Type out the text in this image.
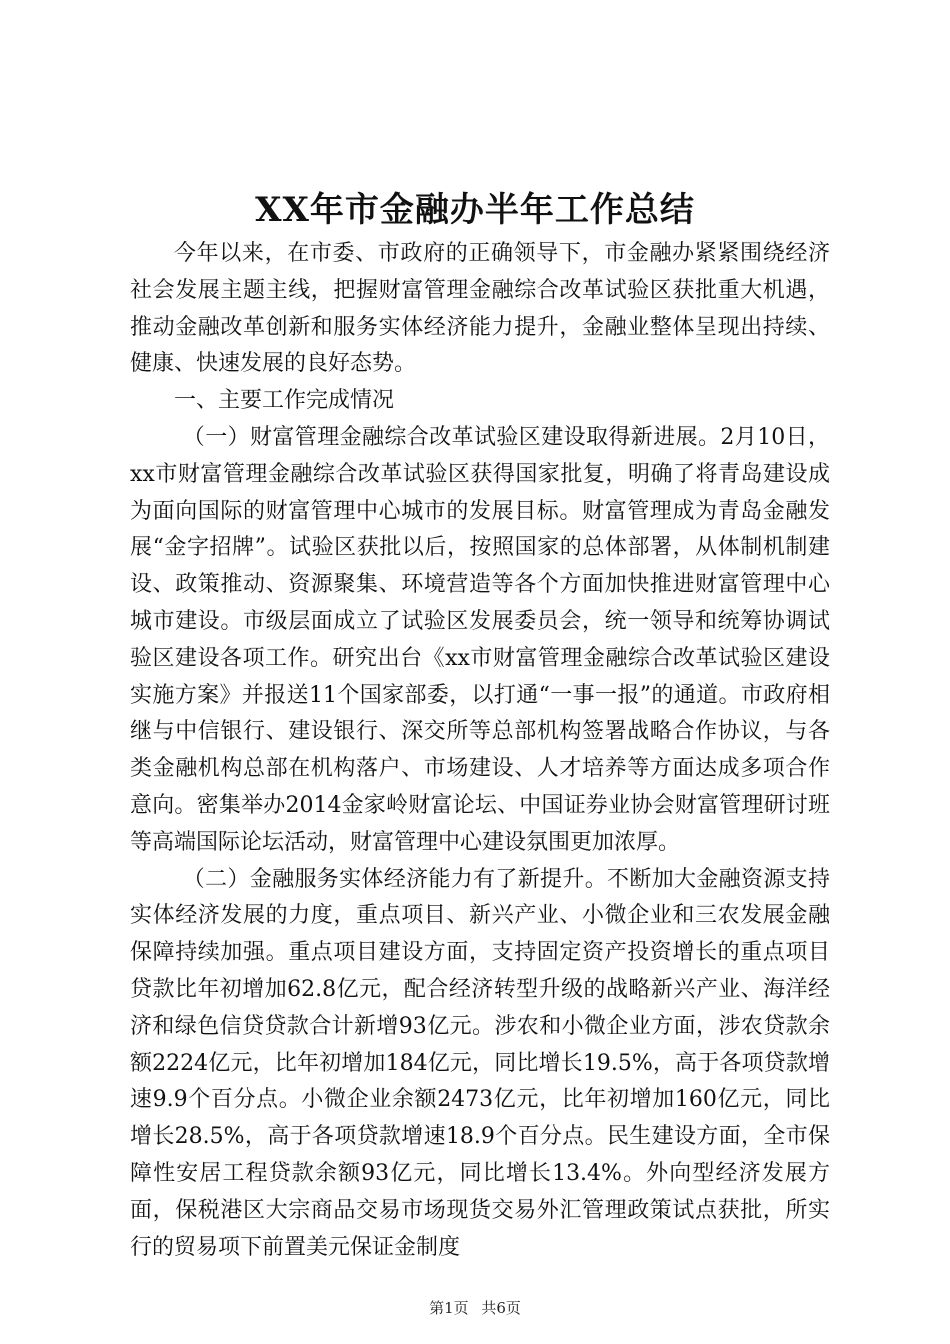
XX年市金融办半年工作总结

今年以来，在市委、市政府的正确领导下，市金融办紧紧围绕经济社会发展主题主线，把握财富管理金融综合改革试验区获批重大机遇，推动金融改革创新和服务实体经济能力提升，金融业整体呈现出持续、健康、快速发展的良好态势。

一、主要工作完成情况

（一）财富管理金融综合改革试验区建设取得新进展。2月10日，xx市财富管理金融综合改革试验区获得国家批复，明确了将青岛建设成为面向国际的财富管理中心城市的发展目标。财富管理成为青岛金融发展“金字招牌”。试验区获批以后，按照国家的总体部署，从体制机制建设、政策推动、资源聚集、环境营造等各个方面加快推进财富管理中心城市建设。市级层面成立了试验区发展委员会，统一领导和统筹协调试验区建设各项工作。研究出台《xx市财富管理金融综合改革试验区建设实施方案》并报送11个国家部委，以打通“一事一报”的通道。市政府相继与中信银行、建设银行、深交所等总部机构签署战略合作协议，与各类金融机构总部在机构落户、市场建设、人才培养等方面达成多项合作意向。密集举办2014金家岭财富论坛、中国证券业协会财富管理研讨班等高端国际论坛活动，财富管理中心建设氛围更加浓厚。

（二）金融服务实体经济能力有了新提升。不断加大金融资源支持实体经济发展的力度，重点项目、新兴产业、小微企业和三农发展金融保障持续加强。重点项目建设方面，支持固定资产投资增长的重点项目贷款比年初增加62.8亿元，配合经济转型升级的战略新兴产业、海洋经济和绿色信贷贷款合计新增93亿元。涉农和小微企业方面，涉农贷款余额2224亿元，比年初增加184亿元，同比增长19.5%，高于各项贷款增速9.9个百分点。小微企业余额2473亿元，比年初增加160亿元，同比增长28.5%，高于各项贷款增速18.9个百分点。民生建设方面，全市保障性安居工程贷款余额93亿元，同比增长13.4%。外向型经济发展方面，保税港区大宗商品交易市场现货交易外汇管理政策试点获批，所实行的贸易项下前置美元保证金制度

第1页 共6页
